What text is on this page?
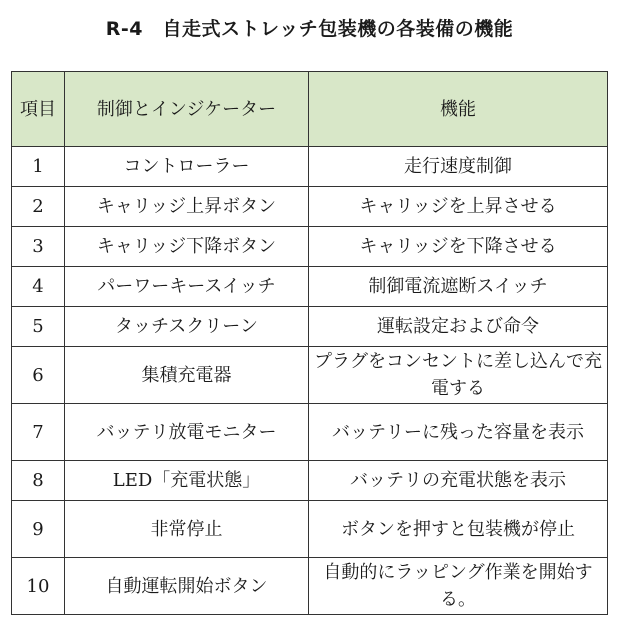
R-4　自走式ストレッチ包装機の各装備の機能
項目	制御とインジケーター	機能
1	コントローラー	走行速度制御
2	キャリッジ上昇ボタン	キャリッジを上昇させる
3	キャリッジ下降ボタン	キャリッジを下降させる
4	パーワーキースイッチ	制御電流遮断スイッチ
5	タッチスクリーン	運転設定および命令
6	集積充電器	プラグをコンセントに差し込んで充電する
7	バッテリ放電モニター	バッテリーに残った容量を表示
8	LED「充電状態」	バッテリの充電状態を表示
9	非常停止	ボタンを押すと包装機が停止
10	自動運転開始ボタン	自動的にラッピング作業を開始する。
